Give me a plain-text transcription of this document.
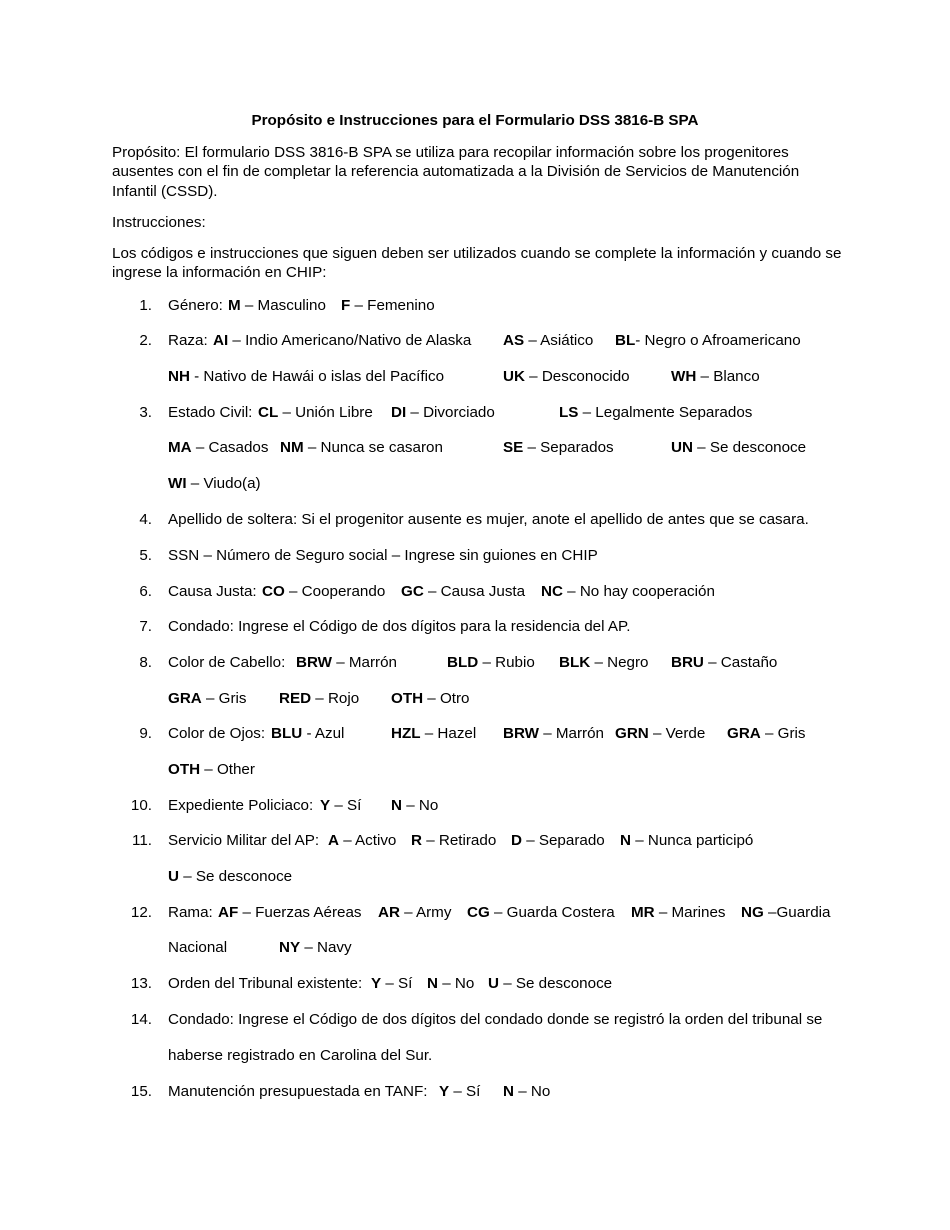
Propósito e Instrucciones para el Formulario DSS 3816-B SPA
Propósito: El formulario DSS 3816-B SPA se utiliza para recopilar información sobre los progenitores ausentes con el fin de completar la referencia automatizada a la División de Servicios de Manutención Infantil (CSSD).
Instrucciones:
Los códigos e instrucciones que siguen deben ser utilizados cuando se complete la información y cuando se ingrese la información en CHIP:
1. Género: M – Masculino F – Femenino
2. Raza: AI – Indio Americano/Nativo de Alaska AS – Asiático BL- Negro o Afroamericano
NH - Nativo de Hawái o islas del Pacífico	UK – Desconocido	WH – Blanco
3. Estado Civil: CL – Unión Libre DI – Divorciado	LS – Legalmente Separados
MA – Casados NM – Nunca se casaron	SE – Separados	UN – Se desconoce
WI – Viudo(a)
4. Apellido de soltera: Si el progenitor ausente es mujer, anote el apellido de antes que se casara.
5. SSN – Número de Seguro social – Ingrese sin guiones en CHIP
6. Causa Justa: CO – Cooperando GC – Causa Justa NC – No hay cooperación
7. Condado: Ingrese el Código de dos dígitos para la residencia del AP.
8. Color de Cabello: BRW – Marrón	BLD – Rubio BLK – Negro BRU – Castaño
GRA – Gris RED – Rojo OTH – Otro
9. Color de Ojos: BLU - Azul	HZL – Hazel BRW – Marrón GRN – Verde GRA – Gris
OTH – Other
10. Expediente Policiaco: Y – Sí N – No
11. Servicio Militar del AP: A – Activo R – Retirado D – Separado N – Nunca participó
U – Se desconoce
12. Rama: AF – Fuerzas Aéreas AR – Army CG – Guarda Costera MR – Marines NG –Guardia
Nacional	NY – Navy
13. Orden del Tribunal existente: Y – Sí N – No U – Se desconoce
14. Condado: Ingrese el Código de dos dígitos del condado donde se registró la orden del tribunal se
haberse registrado en Carolina del Sur.
15. Manutención presupuestada en TANF: Y – Sí N – No
